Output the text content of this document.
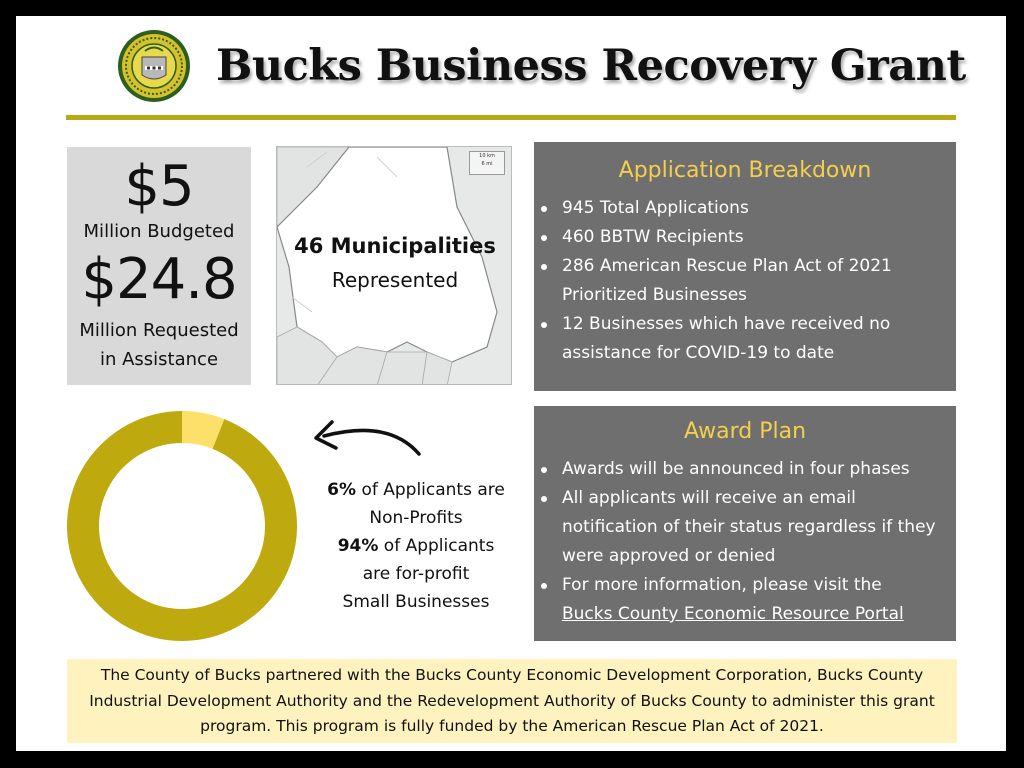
Bucks Business Recovery Grant
$5
Million Budgeted
$24.8
Million Requested
in Assistance
10 km
6 mi
46 Municipalities
Represented
Application Breakdown
945 Total Applications
460 BBTW Recipients
286 American Rescue Plan Act of 2021 Prioritized Businesses
12 Businesses which have received no assistance for COVID-19 to date
Award Plan
Awards will be announced in four phases
All applicants will receive an email notification of their status regardless if they were approved or denied
For more information, please visit the
Bucks County Economic Resource Portal
6% of Applicants are
Non-Profits
94% of Applicants
are for-profit
Small Businesses
The County of Bucks partnered with the Bucks County Economic Development Corporation, Bucks County Industrial Development Authority and the Redevelopment Authority of Bucks County to administer this grant program. This program is fully funded by the American Rescue Plan Act of 2021.
